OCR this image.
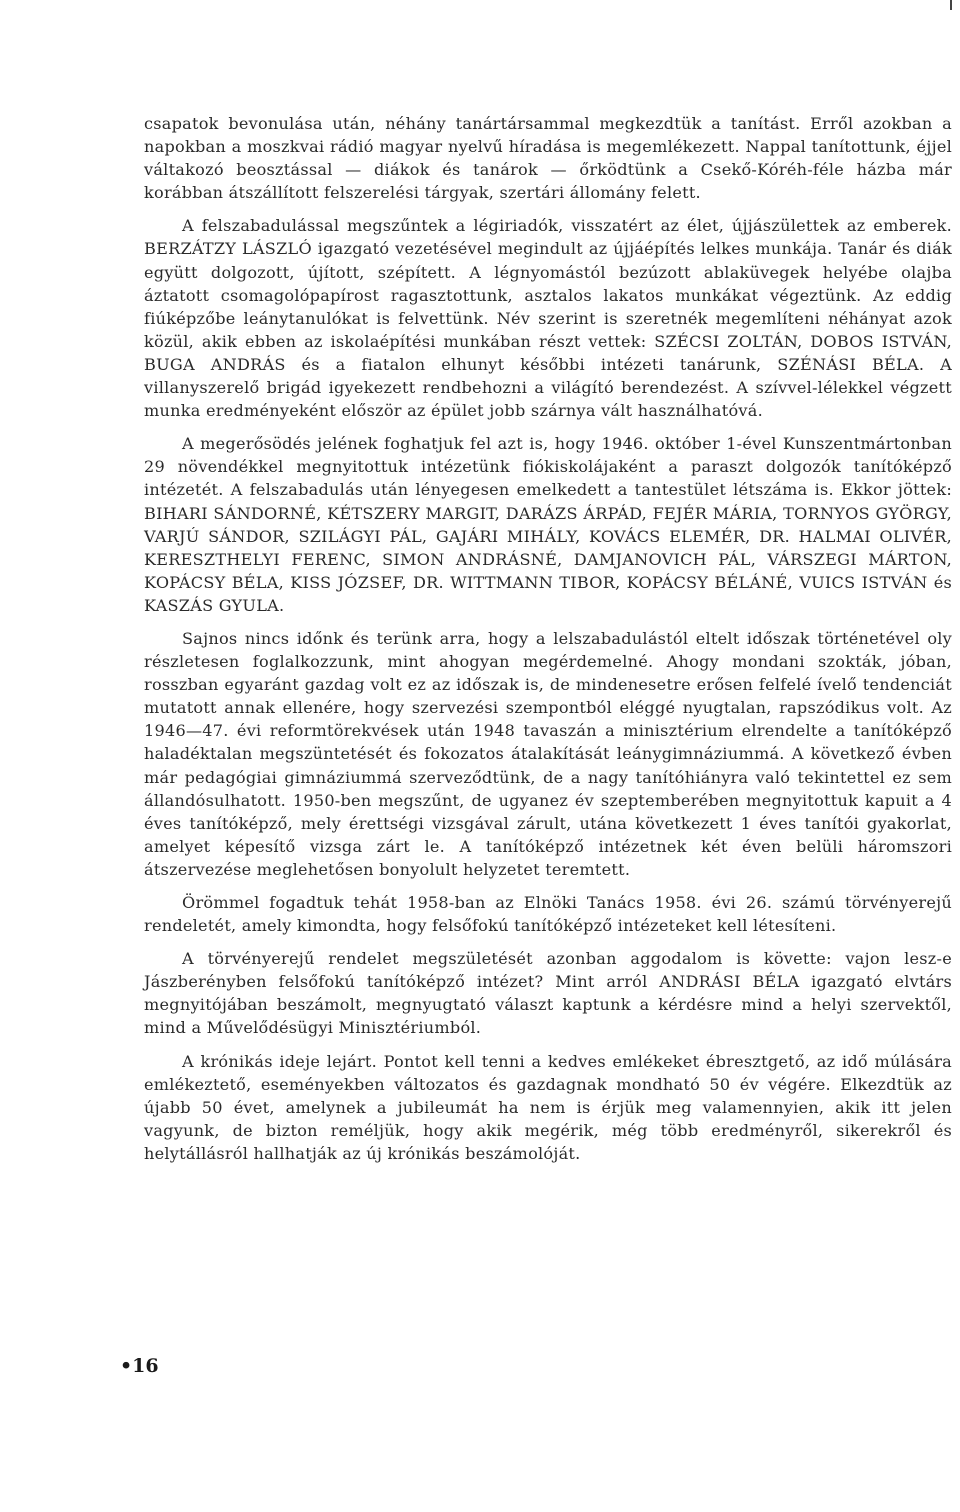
csapatok bevonulása után, néhány tanártársammal megkezdtük a tanítást. Erről azokban a napokban a moszkvai rádió magyar nyelvű híradása is megemlékezett. Nappal tanítottunk, éjjel váltakozó beosztással — diákok és tanárok — őrködtünk a Csekő-Kóréh-féle házba már korábban átszállított felszerelési tárgyak, szertári állomány felett.

A felszabadulással megszűntek a légiriadók, visszatért az élet, újjászülettek az emberek. BERZÁTZY LÁSZLÓ igazgató vezetésével megindult az újjáépítés lelkes munkája. Tanár és diák együtt dolgozott, újított, szépített. A légnyomástól bezúzott ablaküvegek helyébe olajba áztatott csomagolópapírost ragasztottunk, asztalos lakatos munkákat végeztünk. Az eddig fiúképzőbe leánytanulókat is felvettünk. Név szerint is szeretnék megemlíteni néhányat azok közül, akik ebben az iskolaépítési munkában részt vettek: SZÉCSI ZOLTÁN, DOBOS ISTVÁN, BUGA ANDRÁS és a fiatalon elhunyt későbbi intézeti tanárunk, SZÉNÁSI BÉLA. A villanyszerelő brigád igyekezett rendbehozni a világító berendezést. A szívvel-lélekkel végzett munka eredményeként először az épület jobb szárnya vált használhatóvá.

A megerősödés jelének foghatjuk fel azt is, hogy 1946. október 1-ével Kunszentmártonban 29 növendékkel megnyitottuk intézetünk fiókiskolájaként a paraszt dolgozók tanítóképző intézetét. A felszabadulás után lényegesen emelkedett a tantestület létszáma is. Ekkor jöttek: BIHARI SÁNDORNÉ, KÉTSZERY MARGIT, DARÁZS ÁRPÁD, FEJÉR MÁRIA, TORNYOS GYÖRGY, VARJÚ SÁNDOR, SZILÁGYI PÁL, GAJÁRI MIHÁLY, KOVÁCS ELEMÉR, DR. HALMAI OLIVÉR, KERESZTHELYI FERENC, SIMON ANDRÁSNÉ, DAMJANOVICH PÁL, VÁRSZEGI MÁRTON, KOPÁCSY BÉLA, KISS JÓZSEF, DR. WITTMANN TIBOR, KOPÁCSY BÉLÁNÉ, VUICS ISTVÁN és KASZÁS GYULA.

Sajnos nincs időnk és terünk arra, hogy a lelszabadulástól eltelt időszak történetével oly részletesen foglalkozzunk, mint ahogyan megérdemelné. Ahogy mondani szokták, jóban, rosszban egyaránt gazdag volt ez az időszak is, de mindenesetre erősen felfelé ívelő tendenciát mutatott annak ellenére, hogy szervezési szempontból eléggé nyugtalan, rapszódikus volt. Az 1946—47. évi reformtörekvések után 1948 tavaszán a minisztérium elrendelte a tanítóképző haladéktalan megszüntetését és fokozatos átalakítását leánygimnáziummá. A következő évben már pedagógiai gimnáziummá szerveződtünk, de a nagy tanítóhiányra való tekintettel ez sem állandósulhatott. 1950-ben megszűnt, de ugyanez év szeptemberében megnyitottuk kapuit a 4 éves tanítóképző, mely érettségi vizsgával zárult, utána következett 1 éves tanítói gyakorlat, amelyet képesítő vizsga zárt le. A tanítóképző intézetnek két éven belüli háromszori átszervezése meglehetősen bonyolult helyzetet teremtett.

Örömmel fogadtuk tehát 1958-ban az Elnöki Tanács 1958. évi 26. számú törvényerejű rendeletét, amely kimondta, hogy felsőfokú tanítóképző intézeteket kell létesíteni.

A törvényerejű rendelet megszületését azonban aggodalom is követte: vajon lesz-e Jászberényben felsőfokú tanítóképző intézet? Mint arról ANDRÁSI BÉLA igazgató elvtárs megnyitójában beszámolt, megnyugtató választ kaptunk a kérdésre mind a helyi szervektől, mind a Művelődésügyi Minisztériumból.

A krónikás ideje lejárt. Pontot kell tenni a kedves emlékeket ébresztgető, az idő múlására emlékeztető, eseményekben változatos és gazdagnak mondható 50 év végére. Elkezdtük az újabb 50 évet, amelynek a jubileumát ha nem is érjük meg valamennyien, akik itt jelen vagyunk, de bizton reméljük, hogy akik megérik, még több eredményről, sikerekről és helytállásról hallhatják az új krónikás beszámolóját.

•16
